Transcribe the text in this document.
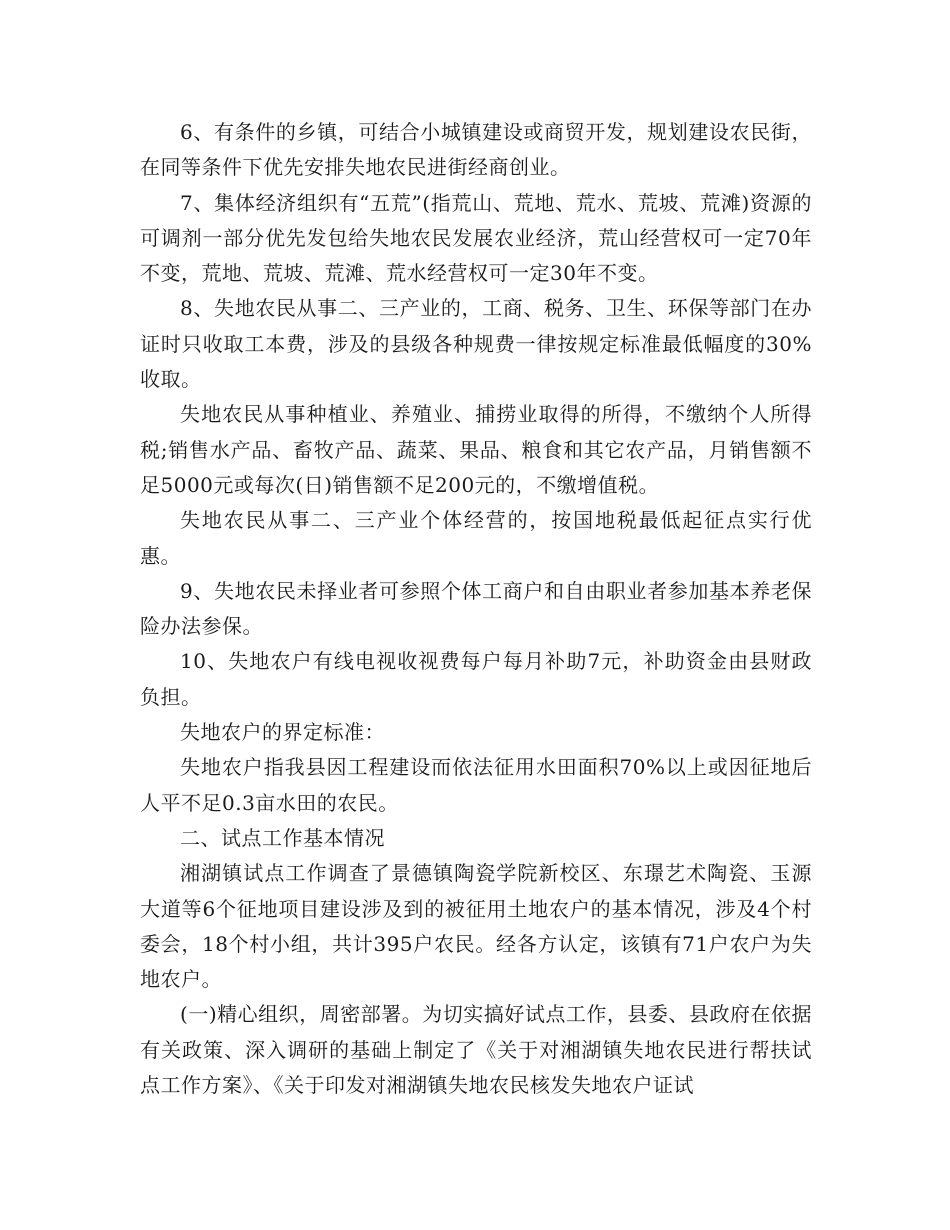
6、有条件的乡镇，可结合小城镇建设或商贸开发，规划建设农民街，在同等条件下优先安排失地农民进街经商创业。

7、集体经济组织有“五荒”(指荒山、荒地、荒水、荒坡、荒滩)资源的可调剂一部分优先发包给失地农民发展农业经济，荒山经营权可一定70年不变，荒地、荒坡、荒滩、荒水经营权可一定30年不变。

8、失地农民从事二、三产业的，工商、税务、卫生、环保等部门在办证时只收取工本费，涉及的县级各种规费一律按规定标准最低幅度的30%收取。

失地农民从事种植业、养殖业、捕捞业取得的所得，不缴纳个人所得税;销售水产品、畜牧产品、蔬菜、果品、粮食和其它农产品，月销售额不足5000元或每次(日)销售额不足200元的，不缴增值税。

失地农民从事二、三产业个体经营的，按国地税最低起征点实行优惠。

9、失地农民未择业者可参照个体工商户和自由职业者参加基本养老保险办法参保。

10、失地农户有线电视收视费每户每月补助7元，补助资金由县财政负担。

失地农户的界定标准：

失地农户指我县因工程建设而依法征用水田面积70%以上或因征地后人平不足0.3亩水田的农民。

二、试点工作基本情况

湘湖镇试点工作调查了景德镇陶瓷学院新校区、东璟艺术陶瓷、玉源大道等6个征地项目建设涉及到的被征用土地农户的基本情况，涉及4个村委会，18个村小组，共计395户农民。经各方认定，该镇有71户农户为失地农户。

(一)精心组织，周密部署。为切实搞好试点工作，县委、县政府在依据有关政策、深入调研的基础上制定了《关于对湘湖镇失地农民进行帮扶试点工作方案》、《关于印发对湘湖镇失地农民核发失地农户证试
